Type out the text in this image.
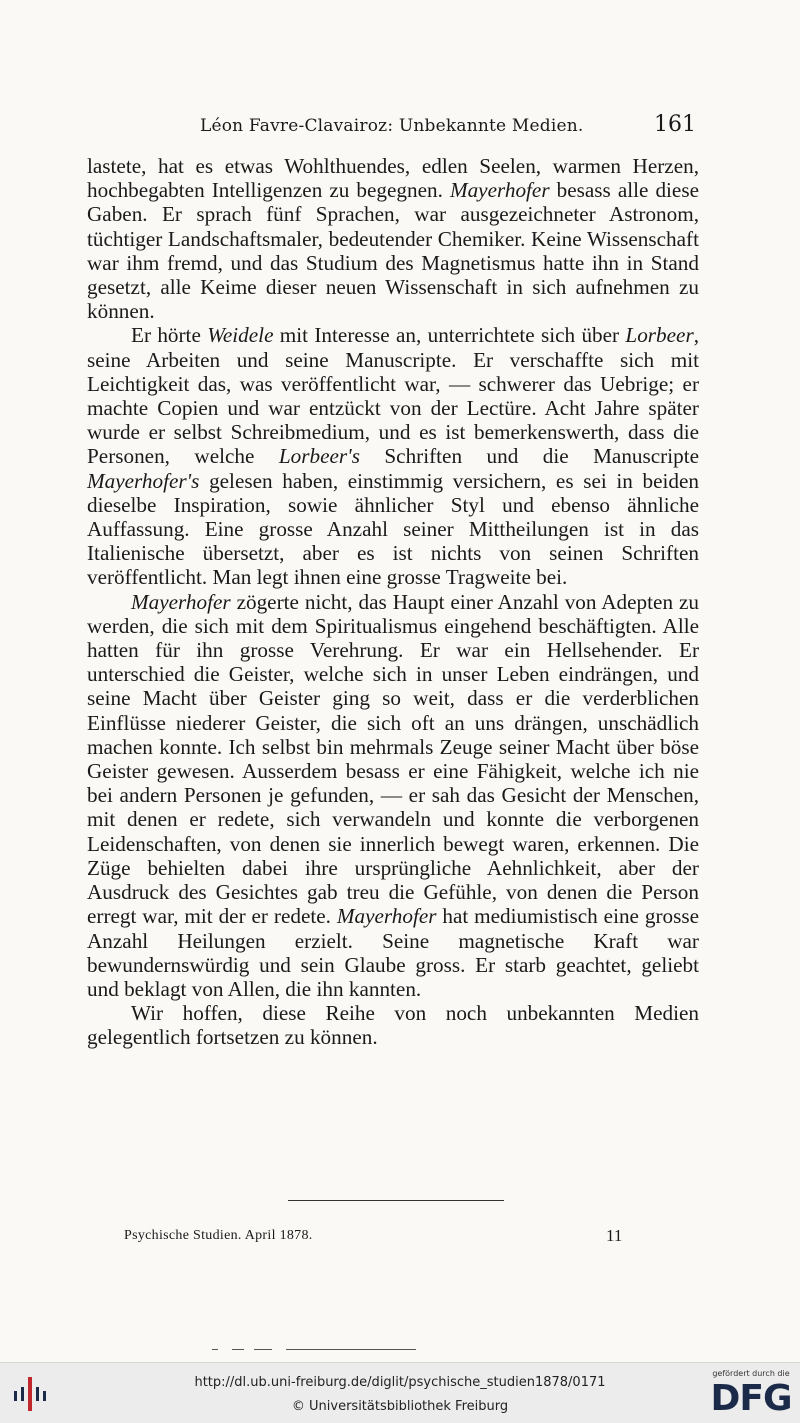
Léon Favre-Clavairoz: Unbekannte Medien.	161

lastete, hat es etwas Wohlthuendes, edlen Seelen, warmen Herzen, hochbegabten Intelligenzen zu begegnen. Mayerhofer besass alle diese Gaben. Er sprach fünf Sprachen, war ausgezeichneter Astronom, tüchtiger Landschaftsmaler, bedeutender Chemiker. Keine Wissenschaft war ihm fremd, und das Studium des Magnetismus hatte ihn in Stand gesetzt, alle Keime dieser neuen Wissenschaft in sich aufnehmen zu können.

Er hörte Weidele mit Interesse an, unterrichtete sich über Lorbeer, seine Arbeiten und seine Manuscripte. Er verschaffte sich mit Leichtigkeit das, was veröffentlicht war, — schwerer das Uebrige; er machte Copien und war entzückt von der Lectüre. Acht Jahre später wurde er selbst Schreibmedium, und es ist bemerkenswerth, dass die Personen, welche Lorbeer's Schriften und die Manuscripte Mayerhofer's gelesen haben, einstimmig versichern, es sei in beiden dieselbe Inspiration, sowie ähnlicher Styl und ebenso ähnliche Auffassung. Eine grosse Anzahl seiner Mittheilungen ist in das Italienische übersetzt, aber es ist nichts von seinen Schriften veröffentlicht. Man legt ihnen eine grosse Tragweite bei.

Mayerhofer zögerte nicht, das Haupt einer Anzahl von Adepten zu werden, die sich mit dem Spiritualismus eingehend beschäftigten. Alle hatten für ihn grosse Verehrung. Er war ein Hellsehender. Er unterschied die Geister, welche sich in unser Leben eindrängen, und seine Macht über Geister ging so weit, dass er die verderblichen Einflüsse niederer Geister, die sich oft an uns drängen, unschädlich machen konnte. Ich selbst bin mehrmals Zeuge seiner Macht über böse Geister gewesen. Ausserdem besass er eine Fähigkeit, welche ich nie bei andern Personen je gefunden, — er sah das Gesicht der Menschen, mit denen er redete, sich verwandeln und konnte die verborgenen Leidenschaften, von denen sie innerlich bewegt waren, erkennen. Die Züge behielten dabei ihre ursprüngliche Aehnlichkeit, aber der Ausdruck des Gesichtes gab treu die Gefühle, von denen die Person erregt war, mit der er redete. Mayerhofer hat mediumistisch eine grosse Anzahl Heilungen erzielt. Seine magnetische Kraft war bewundernswürdig und sein Glaube gross. Er starb geachtet, geliebt und beklagt von Allen, die ihn kannten.

Wir hoffen, diese Reihe von noch unbekannten Medien gelegentlich fortsetzen zu können.

Psychische Studien. April 1878.	11
http://dl.ub.uni-freiburg.de/diglit/psychische_studien1878/0171
© Universitätsbibliothek Freiburg
gefördert durch die
DFG
